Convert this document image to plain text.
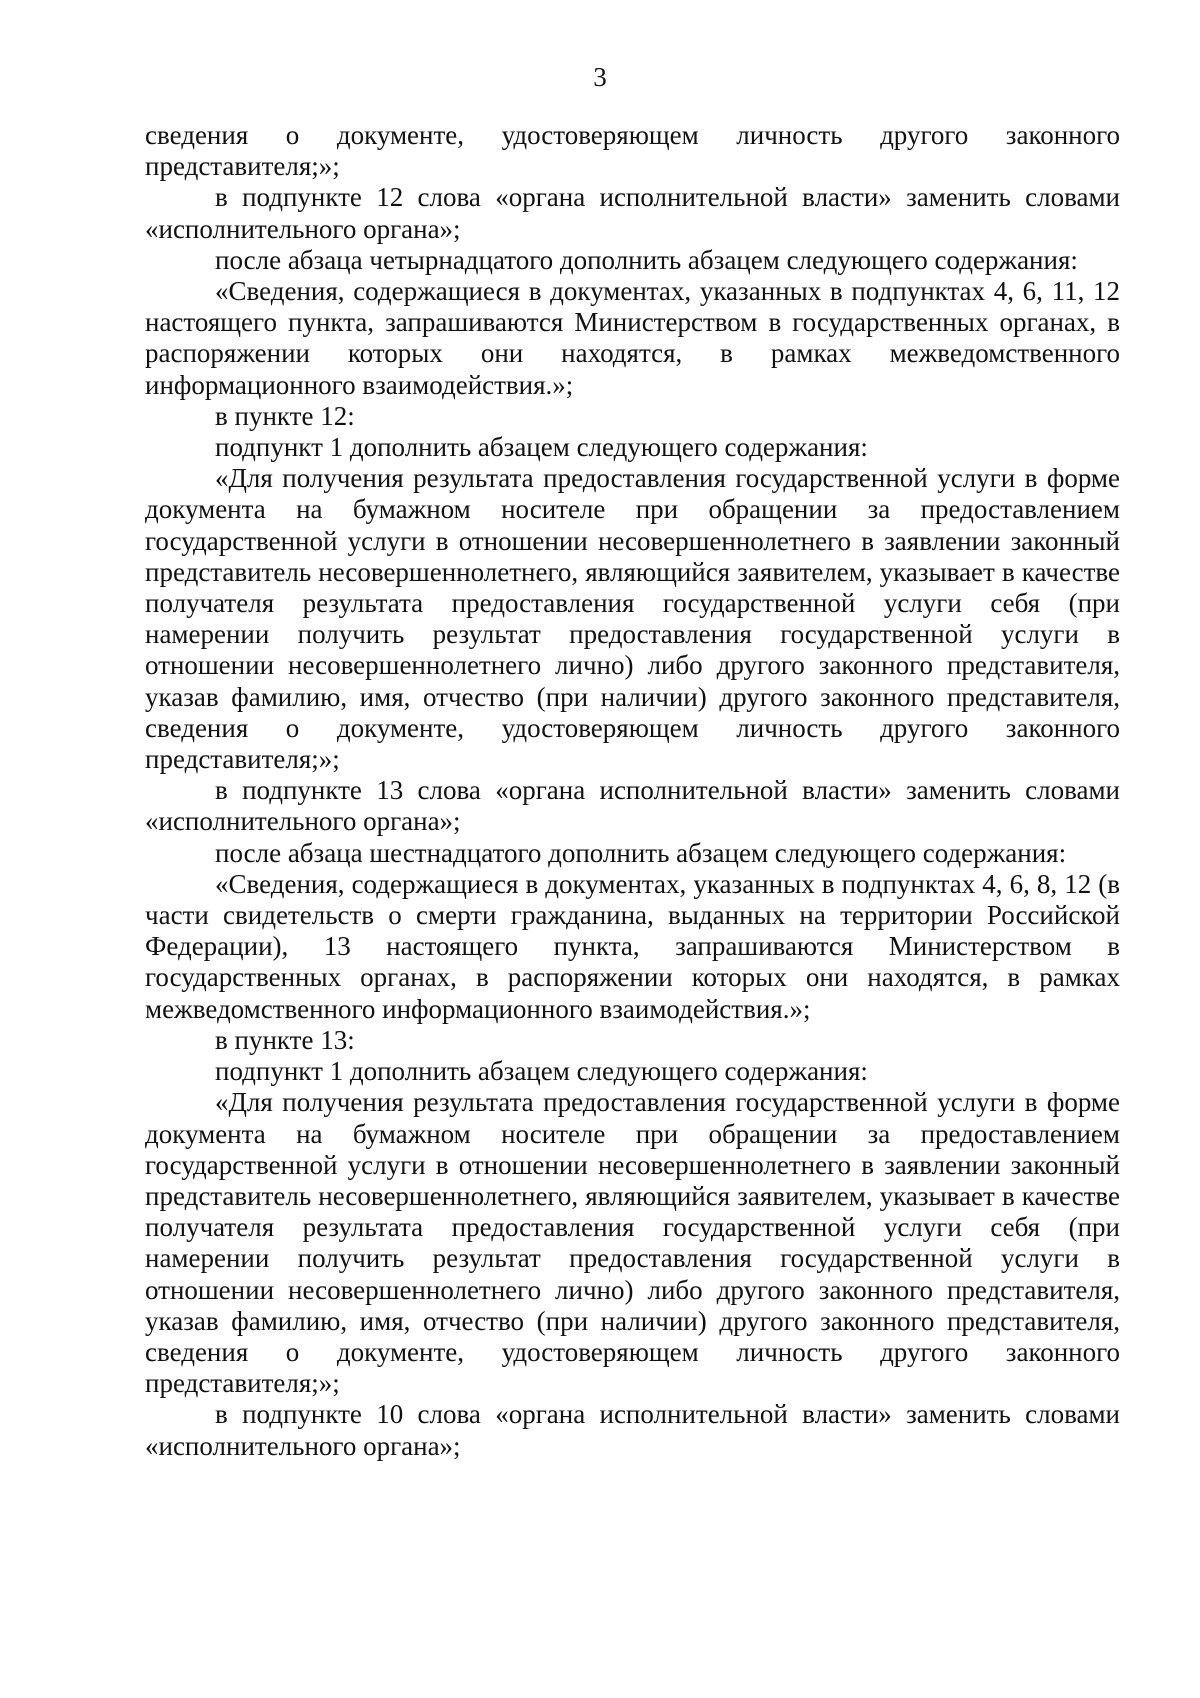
3

сведения о документе, удостоверяющем личность другого законного представителя;»;

в подпункте 12 слова «органа исполнительной власти» заменить словами «исполнительного органа»;

после абзаца четырнадцатого дополнить абзацем следующего содержания:

«Сведения, содержащиеся в документах, указанных в подпунктах 4, 6, 11, 12 настоящего пункта, запрашиваются Министерством в государственных органах, в распоряжении которых они находятся, в рамках межведомственного информационного взаимодействия.»;

в пункте 12:

подпункт 1 дополнить абзацем следующего содержания:

«Для получения результата предоставления государственной услуги в форме документа на бумажном носителе при обращении за предоставлением государственной услуги в отношении несовершеннолетнего в заявлении законный представитель несовершеннолетнего, являющийся заявителем, указывает в качестве получателя результата предоставления государственной услуги себя (при намерении получить результат предоставления государственной услуги в отношении несовершеннолетнего лично) либо другого законного представителя, указав фамилию, имя, отчество (при наличии) другого законного представителя, сведения о документе, удостоверяющем личность другого законного представителя;»;

в подпункте 13 слова «органа исполнительной власти» заменить словами «исполнительного органа»;

после абзаца шестнадцатого дополнить абзацем следующего содержания:

«Сведения, содержащиеся в документах, указанных в подпунктах 4, 6, 8, 12 (в части свидетельств о смерти гражданина, выданных на территории Российской Федерации), 13 настоящего пункта, запрашиваются Министерством в государственных органах, в распоряжении которых они находятся, в рамках межведомственного информационного взаимодействия.»;

в пункте 13:

подпункт 1 дополнить абзацем следующего содержания:

«Для получения результата предоставления государственной услуги в форме документа на бумажном носителе при обращении за предоставлением государственной услуги в отношении несовершеннолетнего в заявлении законный представитель несовершеннолетнего, являющийся заявителем, указывает в качестве получателя результата предоставления государственной услуги себя (при намерении получить результат предоставления государственной услуги в отношении несовершеннолетнего лично) либо другого законного представителя, указав фамилию, имя, отчество (при наличии) другого законного представителя, сведения о документе, удостоверяющем личность другого законного представителя;»;

в подпункте 10 слова «органа исполнительной власти» заменить словами «исполнительного органа»;
